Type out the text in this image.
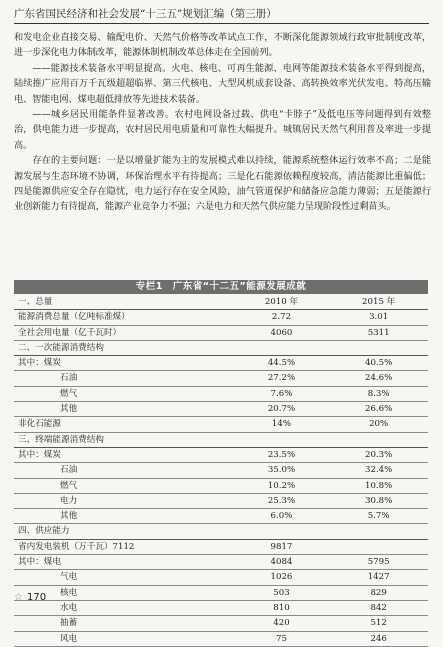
广东省国民经济和社会发展“十三五”规划汇编（第三册）

和发电企业直接交易、输配电价、天然气价格等改革试点工作，不断深化能源领域行政审批制度改革，进一步深化电力体制改革，能源体制机制改革总体走在全国前列。

——能源技术装备水平明显提高。火电、核电、可再生能源、电网等能源技术装备水平得到提高，陆续推广应用百万千瓦级超超临界、第三代核电、大型风机成套设备、高转换效率光伏发电、特高压输电、智能电网、煤电超低排放等先进技术装备。

——城乡居民用能条件显著改善。农村电网设备过载、供电“卡脖子”及低电压等问题得到有效整治，供电能力进一步提高，农村居民用电质量和可靠性大幅提升。城镇居民天然气利用普及率进一步提高。

存在的主要问题：一是以增量扩能为主的发展模式难以持续，能源系统整体运行效率不高；二是能源发展与生态环境不协调，环保治理水平有待提高；三是化石能源依赖程度较高，清洁能源比重偏低；四是能源供应安全存在隐忧，电力运行存在安全风险，油气管道保护和储备应急能力薄弱；五是能源行业创新能力有待提高，能源产业竞争力不强；六是电力和天然气供应能力呈现阶段性过剩苗头。

专栏1　广东省“十二五”能源发展成就
一、总量	2010 年	2015 年
能源消费总量（亿吨标准煤）	2.72	3.01
全社会用电量（亿千瓦时）	4060	5311
二、一次能源消费结构		
其中：煤炭	44.5%	40.5%
石油	27.2%	24.6%
燃气	7.6%	8.3%
其他	20.7%	26.6%
非化石能源	14%	20%
三、终端能源消费结构		
其中：煤炭	23.5%	20.3%
石油	35.0%	32.4%
燃气	10.2%	10.8%
电力	25.3%	30.8%
其他	6.0%	5.7%
四、供应能力		
省内发电装机（万千瓦）7112	9817	
其中：煤电	4084	5795
气电	1026	1427
核电	503	829
水电	810	842
抽蓄	420	512
风电	75	246
☆ 170
